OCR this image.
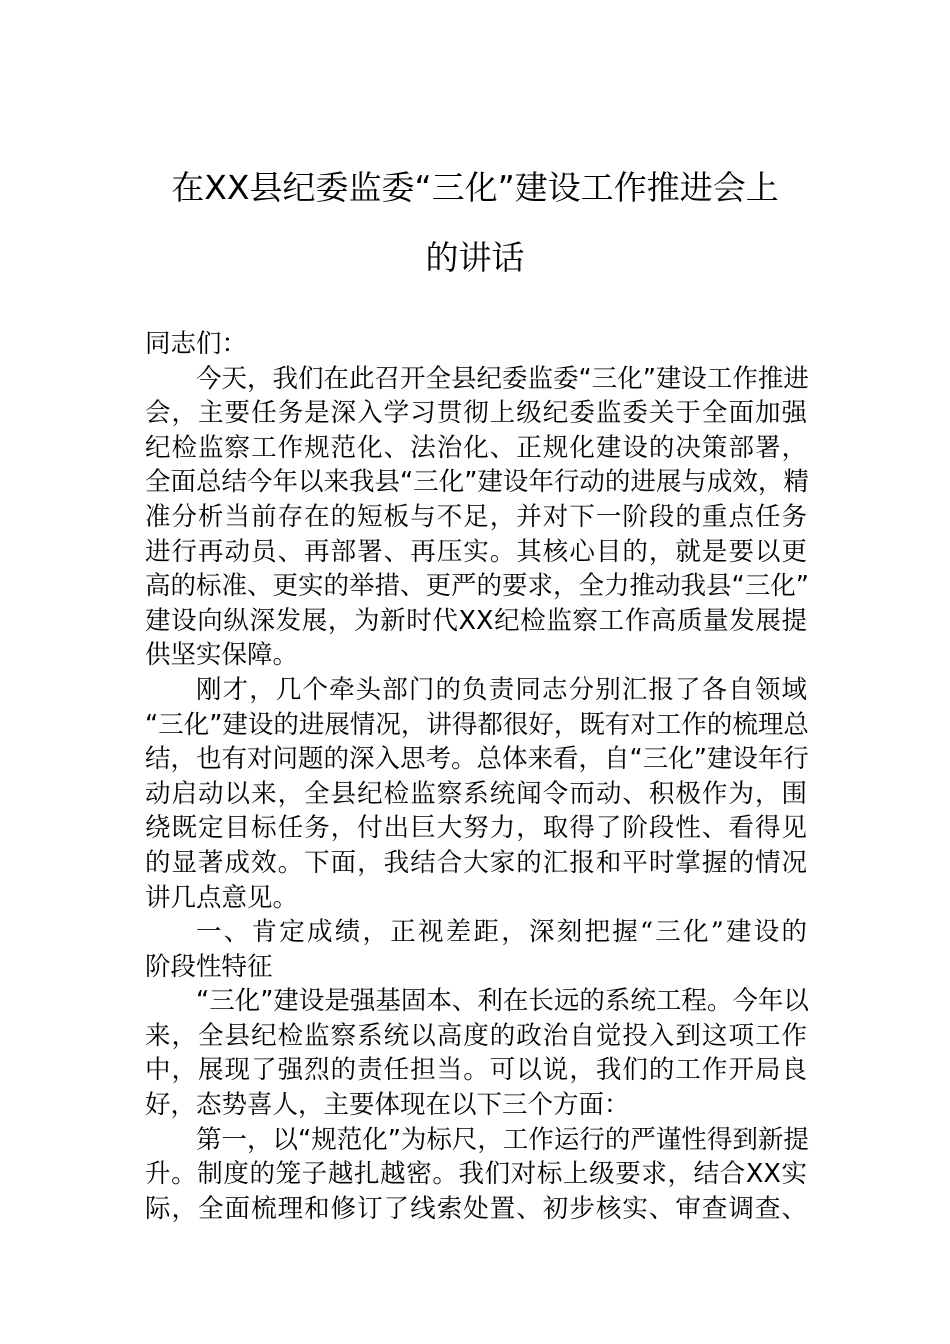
在XX县纪委监委“三化”建设工作推进会上
的讲话
同志们：
今天，我们在此召开全县纪委监委“三化”建设工作推进
会，主要任务是深入学习贯彻上级纪委监委关于全面加强
纪检监察工作规范化、法治化、正规化建设的决策部署，
全面总结今年以来我县“三化”建设年行动的进展与成效，精
准分析当前存在的短板与不足，并对下一阶段的重点任务
进行再动员、再部署、再压实。其核心目的，就是要以更
高的标准、更实的举措、更严的要求，全力推动我县“三化”
建设向纵深发展，为新时代XX纪检监察工作高质量发展提
供坚实保障。
刚才，几个牵头部门的负责同志分别汇报了各自领域
“三化”建设的进展情况，讲得都很好，既有对工作的梳理总
结，也有对问题的深入思考。总体来看，自“三化”建设年行
动启动以来，全县纪检监察系统闻令而动、积极作为，围
绕既定目标任务，付出巨大努力，取得了阶段性、看得见
的显著成效。下面，我结合大家的汇报和平时掌握的情况
讲几点意见。
一、肯定成绩，正视差距，深刻把握“三化”建设的
阶段性特征
“三化”建设是强基固本、利在长远的系统工程。今年以
来，全县纪检监察系统以高度的政治自觉投入到这项工作
中，展现了强烈的责任担当。可以说，我们的工作开局良
好，态势喜人，主要体现在以下三个方面：
第一，以“规范化”为标尺，工作运行的严谨性得到新提
升。制度的笼子越扎越密。我们对标上级要求，结合XX实
际，全面梳理和修订了线索处置、初步核实、审查调查、
